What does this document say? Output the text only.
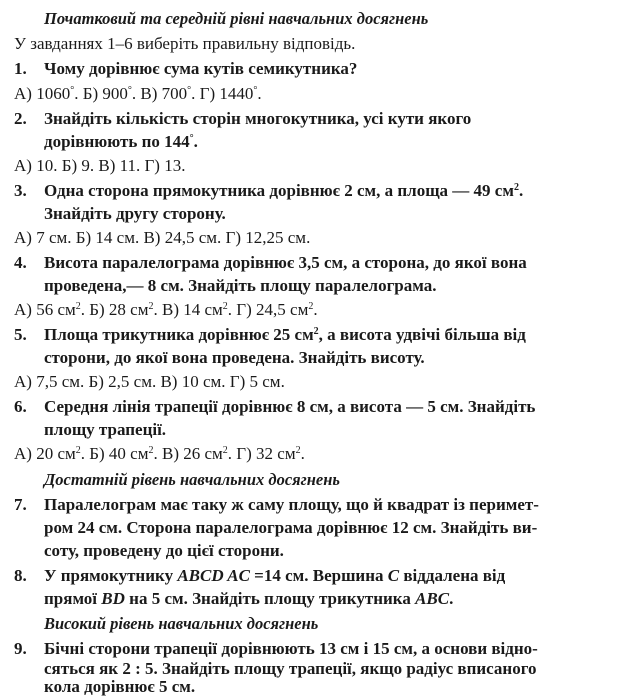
Початковий та середній рівні навчальних досягнень
У завданнях 1–6 виберіть правильну відповідь.
1. Чому дорівнює сума кутів семикутника?
А) 1060°. Б) 900°. В) 700°. Г) 1440°.
2. Знайдіть кількість сторін многокутника, усі кути якого
дорівнюють по 144°.
А) 10. Б) 9. В) 11. Г) 13.
3. Одна сторона прямокутника дорівнює 2 см, а площа — 49 $см^2$.
Знайдіть другу сторону.
А) 7 см. Б) 14 см. В) 24,5 см. Г) 12,25 см.
4. Висота паралелограма дорівнює 3,5 см, а сторона, до якої вона
проведена,— 8 см. Знайдіть площу паралелограма.
А) 56 $см^2$. Б) 28 $см^2$. В) 14 $см^2$. Г) 24,5 $см^2$.
5. Площа трикутника дорівнює 25 $см^2$, а висота удвічі більша від
сторони, до якої вона проведена. Знайдіть висоту.
А) 7,5 см. Б) 2,5 см. В) 10 см. Г) 5 см.
6. Середня лінія трапеції дорівнює 8 см, а висота — 5 см. Знайдіть
площу трапеції.
А) 20 $см^2$. Б) 40 $см^2$. В) 26 $см^2$. Г) 32 $см^2$.
Достатній рівень навчальних досягнень
7. Паралелограм має таку ж саму площу, що й квадрат із перимет-
ром 24 см. Сторона паралелограма дорівнює 12 см. Знайдіть ви-
соту, проведену до цієї сторони.
8. У прямокутнику ABCD AC =14 см. Вершина C віддалена від
прямої BD на 5 см. Знайдіть площу трикутника ABC.
Високий рівень навчальних досягнень
9. Бічні сторони трапеції дорівнюють 13 см і 15 см, а основи відно-
сяться як 2 : 5. Знайдіть площу трапеції, якщо радіус вписаного
кола дорівнює 5 см.
